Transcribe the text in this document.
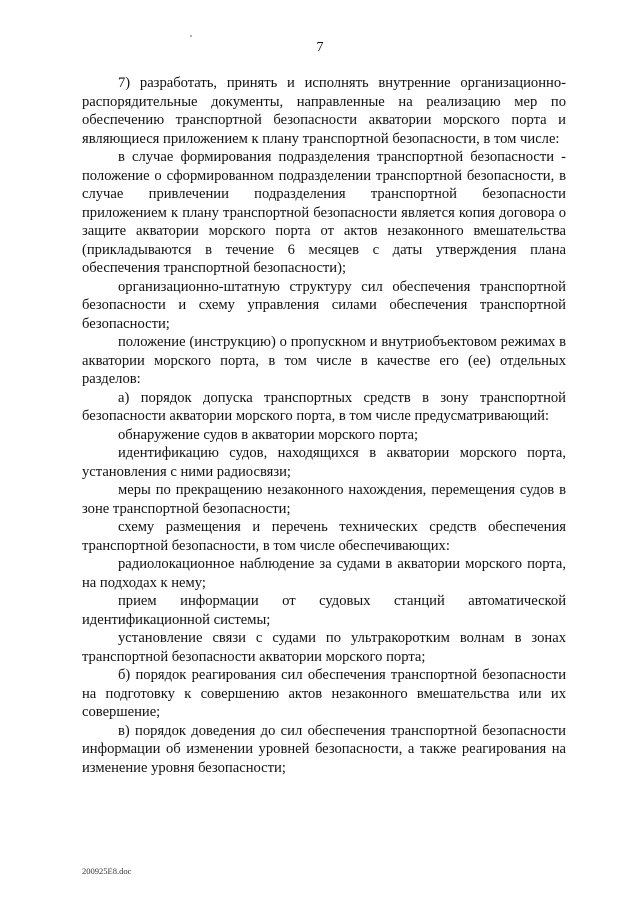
7

7) разработать, принять и исполнять внутренние организационно-распорядительные документы, направленные на реализацию мер по обеспечению транспортной безопасности акватории морского порта и являющиеся приложением к плану транспортной безопасности, в том числе:

в случае формирования подразделения транспортной безопасности - положение о сформированном подразделении транспортной безопасности, в случае привлечении подразделения транспортной безопасности приложением к плану транспортной безопасности является копия договора о защите акватории морского порта от актов незаконного вмешательства (прикладываются в течение 6 месяцев с даты утверждения плана обеспечения транспортной безопасности);

организационно-штатную структуру сил обеспечения транспортной безопасности и схему управления силами обеспечения транспортной безопасности;

положение (инструкцию) о пропускном и внутриобъектовом режимах в акватории морского порта, в том числе в качестве его (ее) отдельных разделов:

а) порядок допуска транспортных средств в зону транспортной безопасности акватории морского порта, в том числе предусматривающий:

обнаружение судов в акватории морского порта;

идентификацию судов, находящихся в акватории морского порта, установления с ними радиосвязи;

меры по прекращению незаконного нахождения, перемещения судов в зоне транспортной безопасности;

схему размещения и перечень технических средств обеспечения транспортной безопасности, в том числе обеспечивающих:

радиолокационное наблюдение за судами в акватории морского порта, на подходах к нему;

прием информации от судовых станций автоматической идентификационной системы;

установление связи с судами по ультракоротким волнам в зонах транспортной безопасности акватории морского порта;

б) порядок реагирования сил обеспечения транспортной безопасности на подготовку к совершению актов незаконного вмешательства или их совершение;

в) порядок доведения до сил обеспечения транспортной безопасности информации об изменении уровней безопасности, а также реагирования на изменение уровня безопасности;

200925E8.doc
